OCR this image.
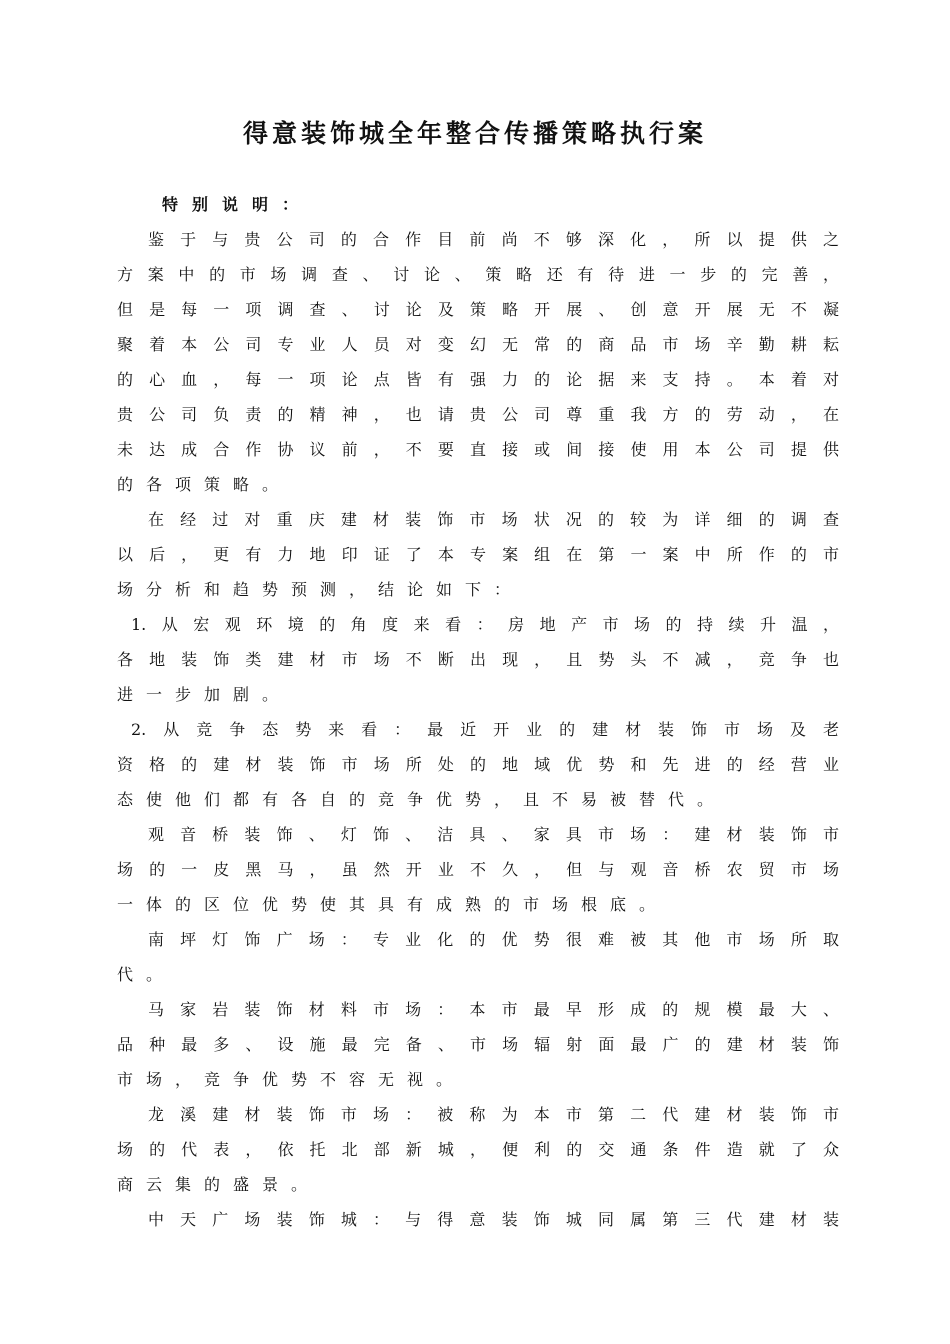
得意装饰城全年整合传播策略执行案
特别说明：
鉴于与贵公司的合作目前尚不够深化，所以提供之
方案中的市场调查、讨论、策略还有待进一步的完善，
但是每一项调查、讨论及策略开展、创意开展无不凝
聚着本公司专业人员对变幻无常的商品市场辛勤耕耘
的心血，每一项论点皆有强力的论据来支持。本着对
贵公司负责的精神，也请贵公司尊重我方的劳动，在
未达成合作协议前，不要直接或间接使用本公司提供
的各项策略。
在经过对重庆建材装饰市场状况的较为详细的调查
以后，更有力地印证了本专案组在第一案中所作的市
场分析和趋势预测，结论如下：
1.从宏观环境的角度来看：房地产市场的持续升温，
各地装饰类建材市场不断出现，且势头不减，竞争也
进一步加剧。
2.从竞争态势来看：最近开业的建材装饰市场及老
资格的建材装饰市场所处的地域优势和先进的经营业
态使他们都有各自的竞争优势，且不易被替代。
观音桥装饰、灯饰、洁具、家具市场：建材装饰市
场的一皮黑马，虽然开业不久，但与观音桥农贸市场
一体的区位优势使其具有成熟的市场根底。
南坪灯饰广场：专业化的优势很难被其他市场所取
代。
马家岩装饰材料市场：本市最早形成的规模最大、
品种最多、设施最完备、市场辐射面最广的建材装饰
市场，竞争优势不容无视。
龙溪建材装饰市场：被称为本市第二代建材装饰市
场的代表，依托北部新城，便利的交通条件造就了众
商云集的盛景。
中天广场装饰城：与得意装饰城同属第三代建材装
